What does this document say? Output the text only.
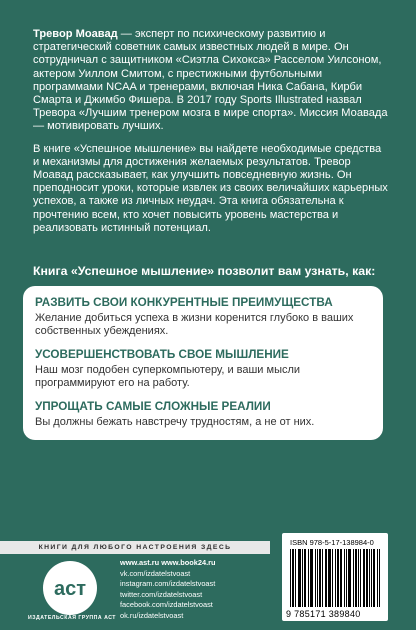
Тревор Моавад — эксперт по психическому развитию и стратегический советник самых известных людей в мире. Он сотрудничал с защитником «Сиэтла Сихокса» Расселом Уилсоном, актером Уиллом Смитом, с престижными футбольными программами NCAA и тренерами, включая Ника Сабана, Кирби Смарта и Джимбо Фишера. В 2017 году Sports Illustrated назвал Тревора «Лучшим тренером мозга в мире спорта». Миссия Моавада — мотивировать лучших.

В книге «Успешное мышление» вы найдете необходимые средства и механизмы для достижения желаемых результатов. Тревор Моавад рассказывает, как улучшить повседневную жизнь. Он преподносит уроки, которые извлек из своих величайших карьерных успехов, а также из личных неудач. Эта книга обязательна к прочтению всем, кто хочет повысить уровень мастерства и реализовать истинный потенциал.

Книга «Успешное мышление» позволит вам узнать, как:
РАЗВИТЬ СВОИ КОНКУРЕНТНЫЕ ПРЕИМУЩЕСТВА
Желание добиться успеха в жизни коренится глубоко в ваших собственных убеждениях.
УСОВЕРШЕНСТВОВАТЬ СВОЕ МЫШЛЕНИЕ
Наш мозг подобен суперкомпьютеру, и ваши мысли программируют его на работу.
УПРОЩАТЬ САМЫЕ СЛОЖНЫЕ РЕАЛИИ
Вы должны бежать навстречу трудностям, а не от них.
КНИГИ ДЛЯ ЛЮБОГО НАСТРОЕНИЯ ЗДЕСЬ
аст
ИЗДАТЕЛЬСКАЯ ГРУППА АСТ
www.ast.ru www.book24.ru
vk.com/izdatelstvoast
instagram.com/izdatelstvoast
twitter.com/izdatelstvoast
facebook.com/izdatelstvoast
ok.ru/izdatelstvoast
ISBN 978-5-17-138984-0
9 785171 389840
